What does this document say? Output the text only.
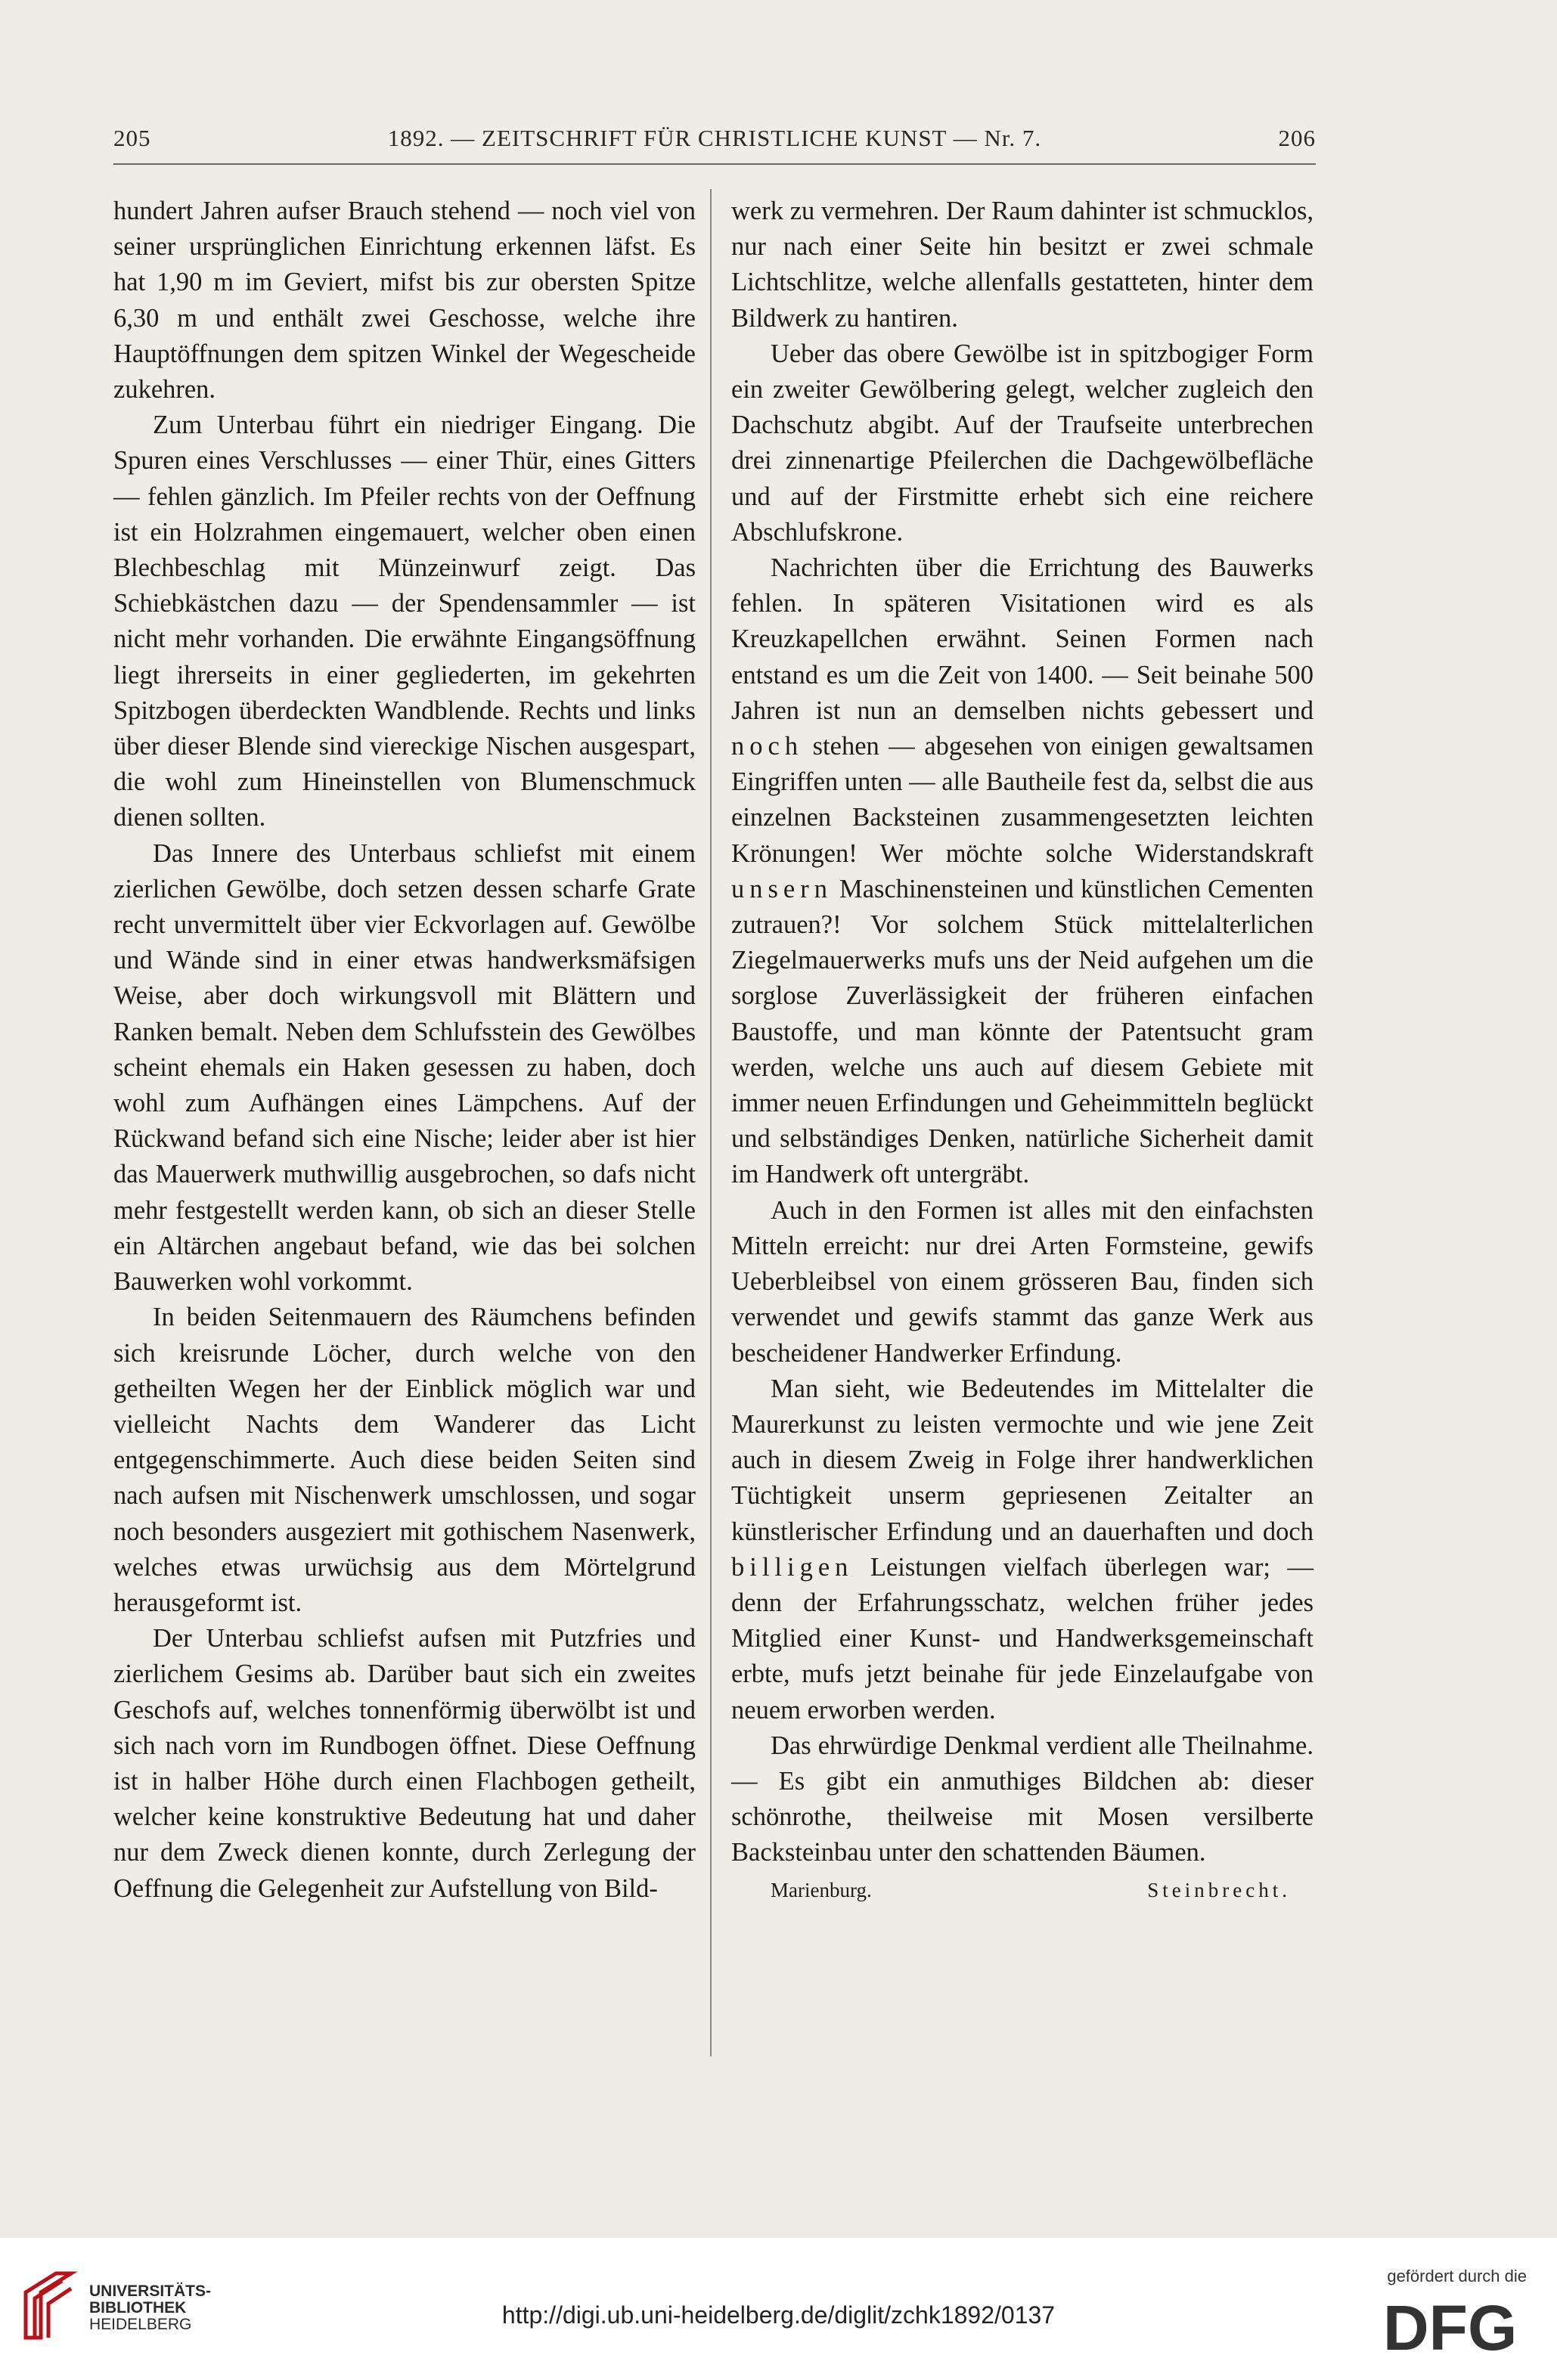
205	1892. — ZEITSCHRIFT FÜR CHRISTLICHE KUNST — Nr. 7.	206

hundert Jahren aufser Brauch stehend — noch viel von seiner ursprünglichen Einrichtung erkennen läfst. Es hat 1,90 m im Geviert, mifst bis zur obersten Spitze 6,30 m und enthält zwei Geschosse, welche ihre Hauptöffnungen dem spitzen Winkel der Wegescheide zukehren.

Zum Unterbau führt ein niedriger Eingang. Die Spuren eines Verschlusses — einer Thür, eines Gitters — fehlen gänzlich. Im Pfeiler rechts von der Oeffnung ist ein Holzrahmen eingemauert, welcher oben einen Blechbeschlag mit Münzeinwurf zeigt. Das Schiebkästchen dazu — der Spendensammler — ist nicht mehr vorhanden. Die erwähnte Eingangsöffnung liegt ihrerseits in einer gegliederten, im gekehrten Spitzbogen überdeckten Wandblende. Rechts und links über dieser Blende sind viereckige Nischen ausgespart, die wohl zum Hineinstellen von Blumenschmuck dienen sollten.

Das Innere des Unterbaus schliefst mit einem zierlichen Gewölbe, doch setzen dessen scharfe Grate recht unvermittelt über vier Eckvorlagen auf. Gewölbe und Wände sind in einer etwas handwerksmäfsigen Weise, aber doch wirkungsvoll mit Blättern und Ranken bemalt. Neben dem Schlufsstein des Gewölbes scheint ehemals ein Haken gesessen zu haben, doch wohl zum Aufhängen eines Lämpchens. Auf der Rückwand befand sich eine Nische; leider aber ist hier das Mauerwerk muthwillig ausgebrochen, so dafs nicht mehr festgestellt werden kann, ob sich an dieser Stelle ein Altärchen angebaut befand, wie das bei solchen Bauwerken wohl vorkommt.

In beiden Seitenmauern des Räumchens befinden sich kreisrunde Löcher, durch welche von den getheilten Wegen her der Einblick möglich war und vielleicht Nachts dem Wanderer das Licht entgegenschimmerte. Auch diese beiden Seiten sind nach aufsen mit Nischenwerk umschlossen, und sogar noch besonders ausgeziert mit gothischem Nasenwerk, welches etwas urwüchsig aus dem Mörtelgrund herausgeformt ist.

Der Unterbau schliefst aufsen mit Putzfries und zierlichem Gesims ab. Darüber baut sich ein zweites Geschofs auf, welches tonnenförmig überwölbt ist und sich nach vorn im Rundbogen öffnet. Diese Oeffnung ist in halber Höhe durch einen Flachbogen getheilt, welcher keine konstruktive Bedeutung hat und daher nur dem Zweck dienen konnte, durch Zerlegung der Oeffnung die Gelegenheit zur Aufstellung von Bild-

werk zu vermehren. Der Raum dahinter ist schmucklos, nur nach einer Seite hin besitzt er zwei schmale Lichtschlitze, welche allenfalls gestatteten, hinter dem Bildwerk zu hantiren.

Ueber das obere Gewölbe ist in spitzbogiger Form ein zweiter Gewölbering gelegt, welcher zugleich den Dachschutz abgibt. Auf der Traufseite unterbrechen drei zinnenartige Pfeilerchen die Dachgewölbefläche und auf der Firstmitte erhebt sich eine reichere Abschlufskrone.

Nachrichten über die Errichtung des Bauwerks fehlen. In späteren Visitationen wird es als Kreuzkapellchen erwähnt. Seinen Formen nach entstand es um die Zeit von 1400. — Seit beinahe 500 Jahren ist nun an demselben nichts gebessert und noch stehen — abgesehen von einigen gewaltsamen Eingriffen unten — alle Bautheile fest da, selbst die aus einzelnen Backsteinen zusammengesetzten leichten Krönungen! Wer möchte solche Widerstandskraft unsern Maschinensteinen und künstlichen Cementen zutrauen?! Vor solchem Stück mittelalterlichen Ziegelmauerwerks mufs uns der Neid aufgehen um die sorglose Zuverlässigkeit der früheren einfachen Baustoffe, und man könnte der Patentsucht gram werden, welche uns auch auf diesem Gebiete mit immer neuen Erfindungen und Geheimmitteln beglückt und selbständiges Denken, natürliche Sicherheit damit im Handwerk oft untergräbt.

Auch in den Formen ist alles mit den einfachsten Mitteln erreicht: nur drei Arten Formsteine, gewifs Ueberbleibsel von einem grösseren Bau, finden sich verwendet und gewifs stammt das ganze Werk aus bescheidener Handwerker Erfindung.

Man sieht, wie Bedeutendes im Mittelalter die Maurerkunst zu leisten vermochte und wie jene Zeit auch in diesem Zweig in Folge ihrer handwerklichen Tüchtigkeit unserm gepriesenen Zeitalter an künstlerischer Erfindung und an dauerhaften und doch billigen Leistungen vielfach überlegen war; — denn der Erfahrungsschatz, welchen früher jedes Mitglied einer Kunst- und Handwerksgemeinschaft erbte, mufs jetzt beinahe für jede Einzelaufgabe von neuem erworben werden.

Das ehrwürdige Denkmal verdient alle Theilnahme. — Es gibt ein anmuthiges Bildchen ab: dieser schönrothe, theilweise mit Mosen versilberte Backsteinbau unter den schattenden Bäumen.

Marienburg.	Steinbrecht.
UNIVERSITÄTS-
BIBLIOTHEK
HEIDELBERG	http://digi.ub.uni-heidelberg.de/diglit/zchk1892/0137
gefördert durch die
DFG
